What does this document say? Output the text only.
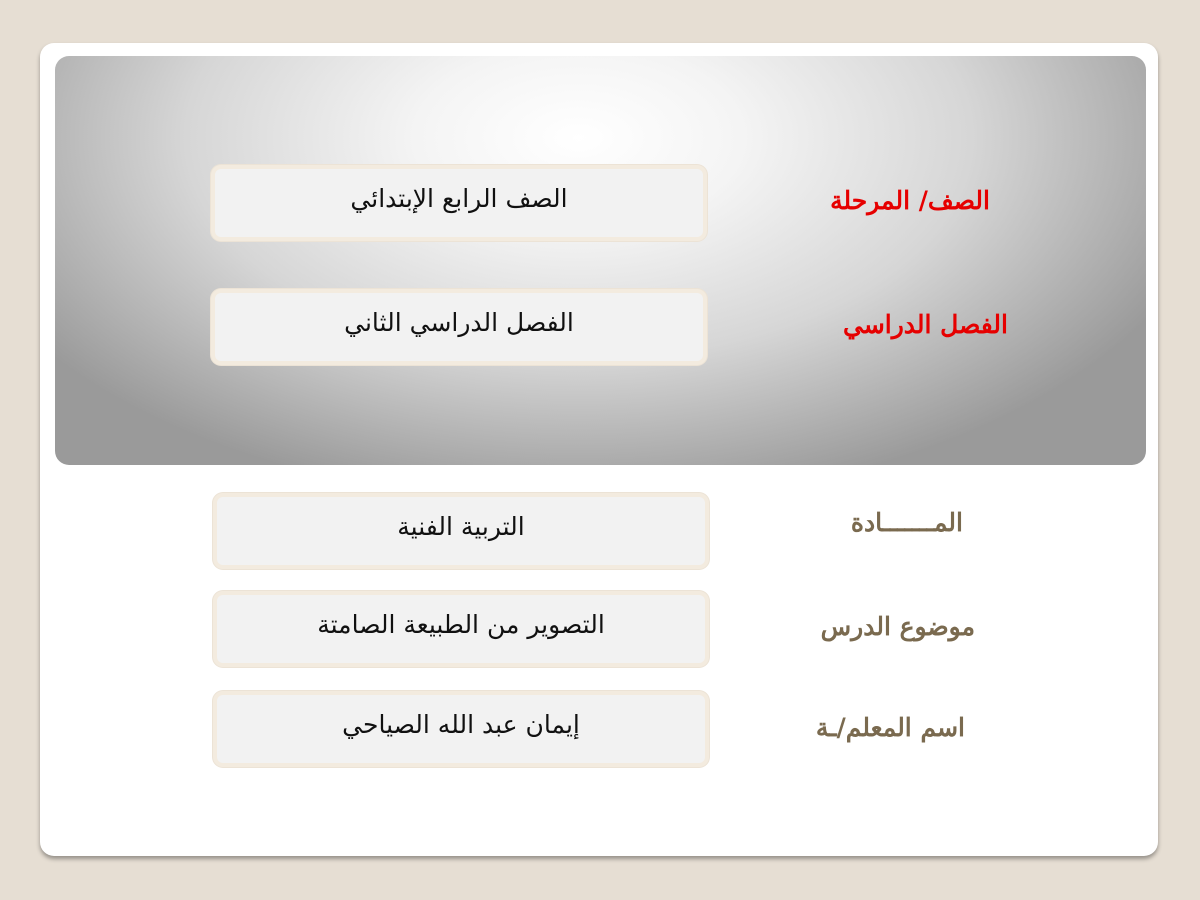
الصف/ المرحلة
الصف الرابع الإبتدائي
الفصل الدراسي
الفصل الدراسي الثاني
المـــــــادة
التربية الفنية
موضوع الدرس
التصوير من الطبيعة الصامتة
اسم المعلم/ـة
إيمان عبد الله الصياحي
